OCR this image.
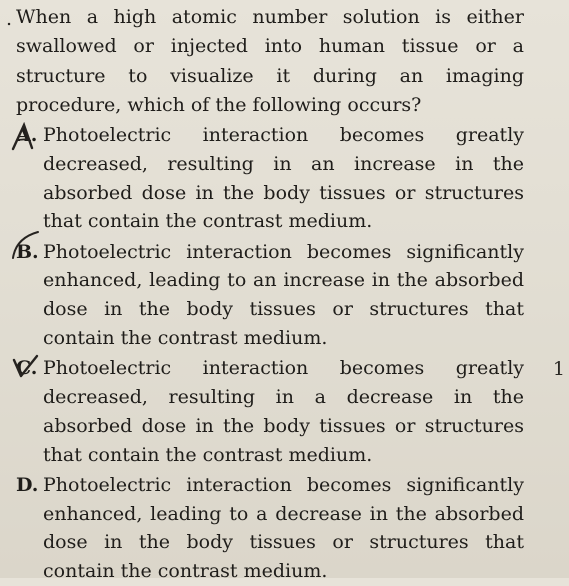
. When a high atomic number solution is either swallowed or injected into human tissue or a structure to visualize it during an imaging procedure, which of the following occurs?

A. Photoelectric interaction becomes greatly decreased, resulting in an increase in the absorbed dose in the body tissues or structures that contain the contrast medium.
B. Photoelectric interaction becomes significantly enhanced, leading to an increase in the absorbed dose in the body tissues or structures that contain the contrast medium.
C. Photoelectric interaction becomes greatly decreased, resulting in a decrease in the absorbed dose in the body tissues or structures that contain the contrast medium.
D. Photoelectric interaction becomes significantly enhanced, leading to a decrease in the absorbed dose in the body tissues or structures that contain the contrast medium.
1
